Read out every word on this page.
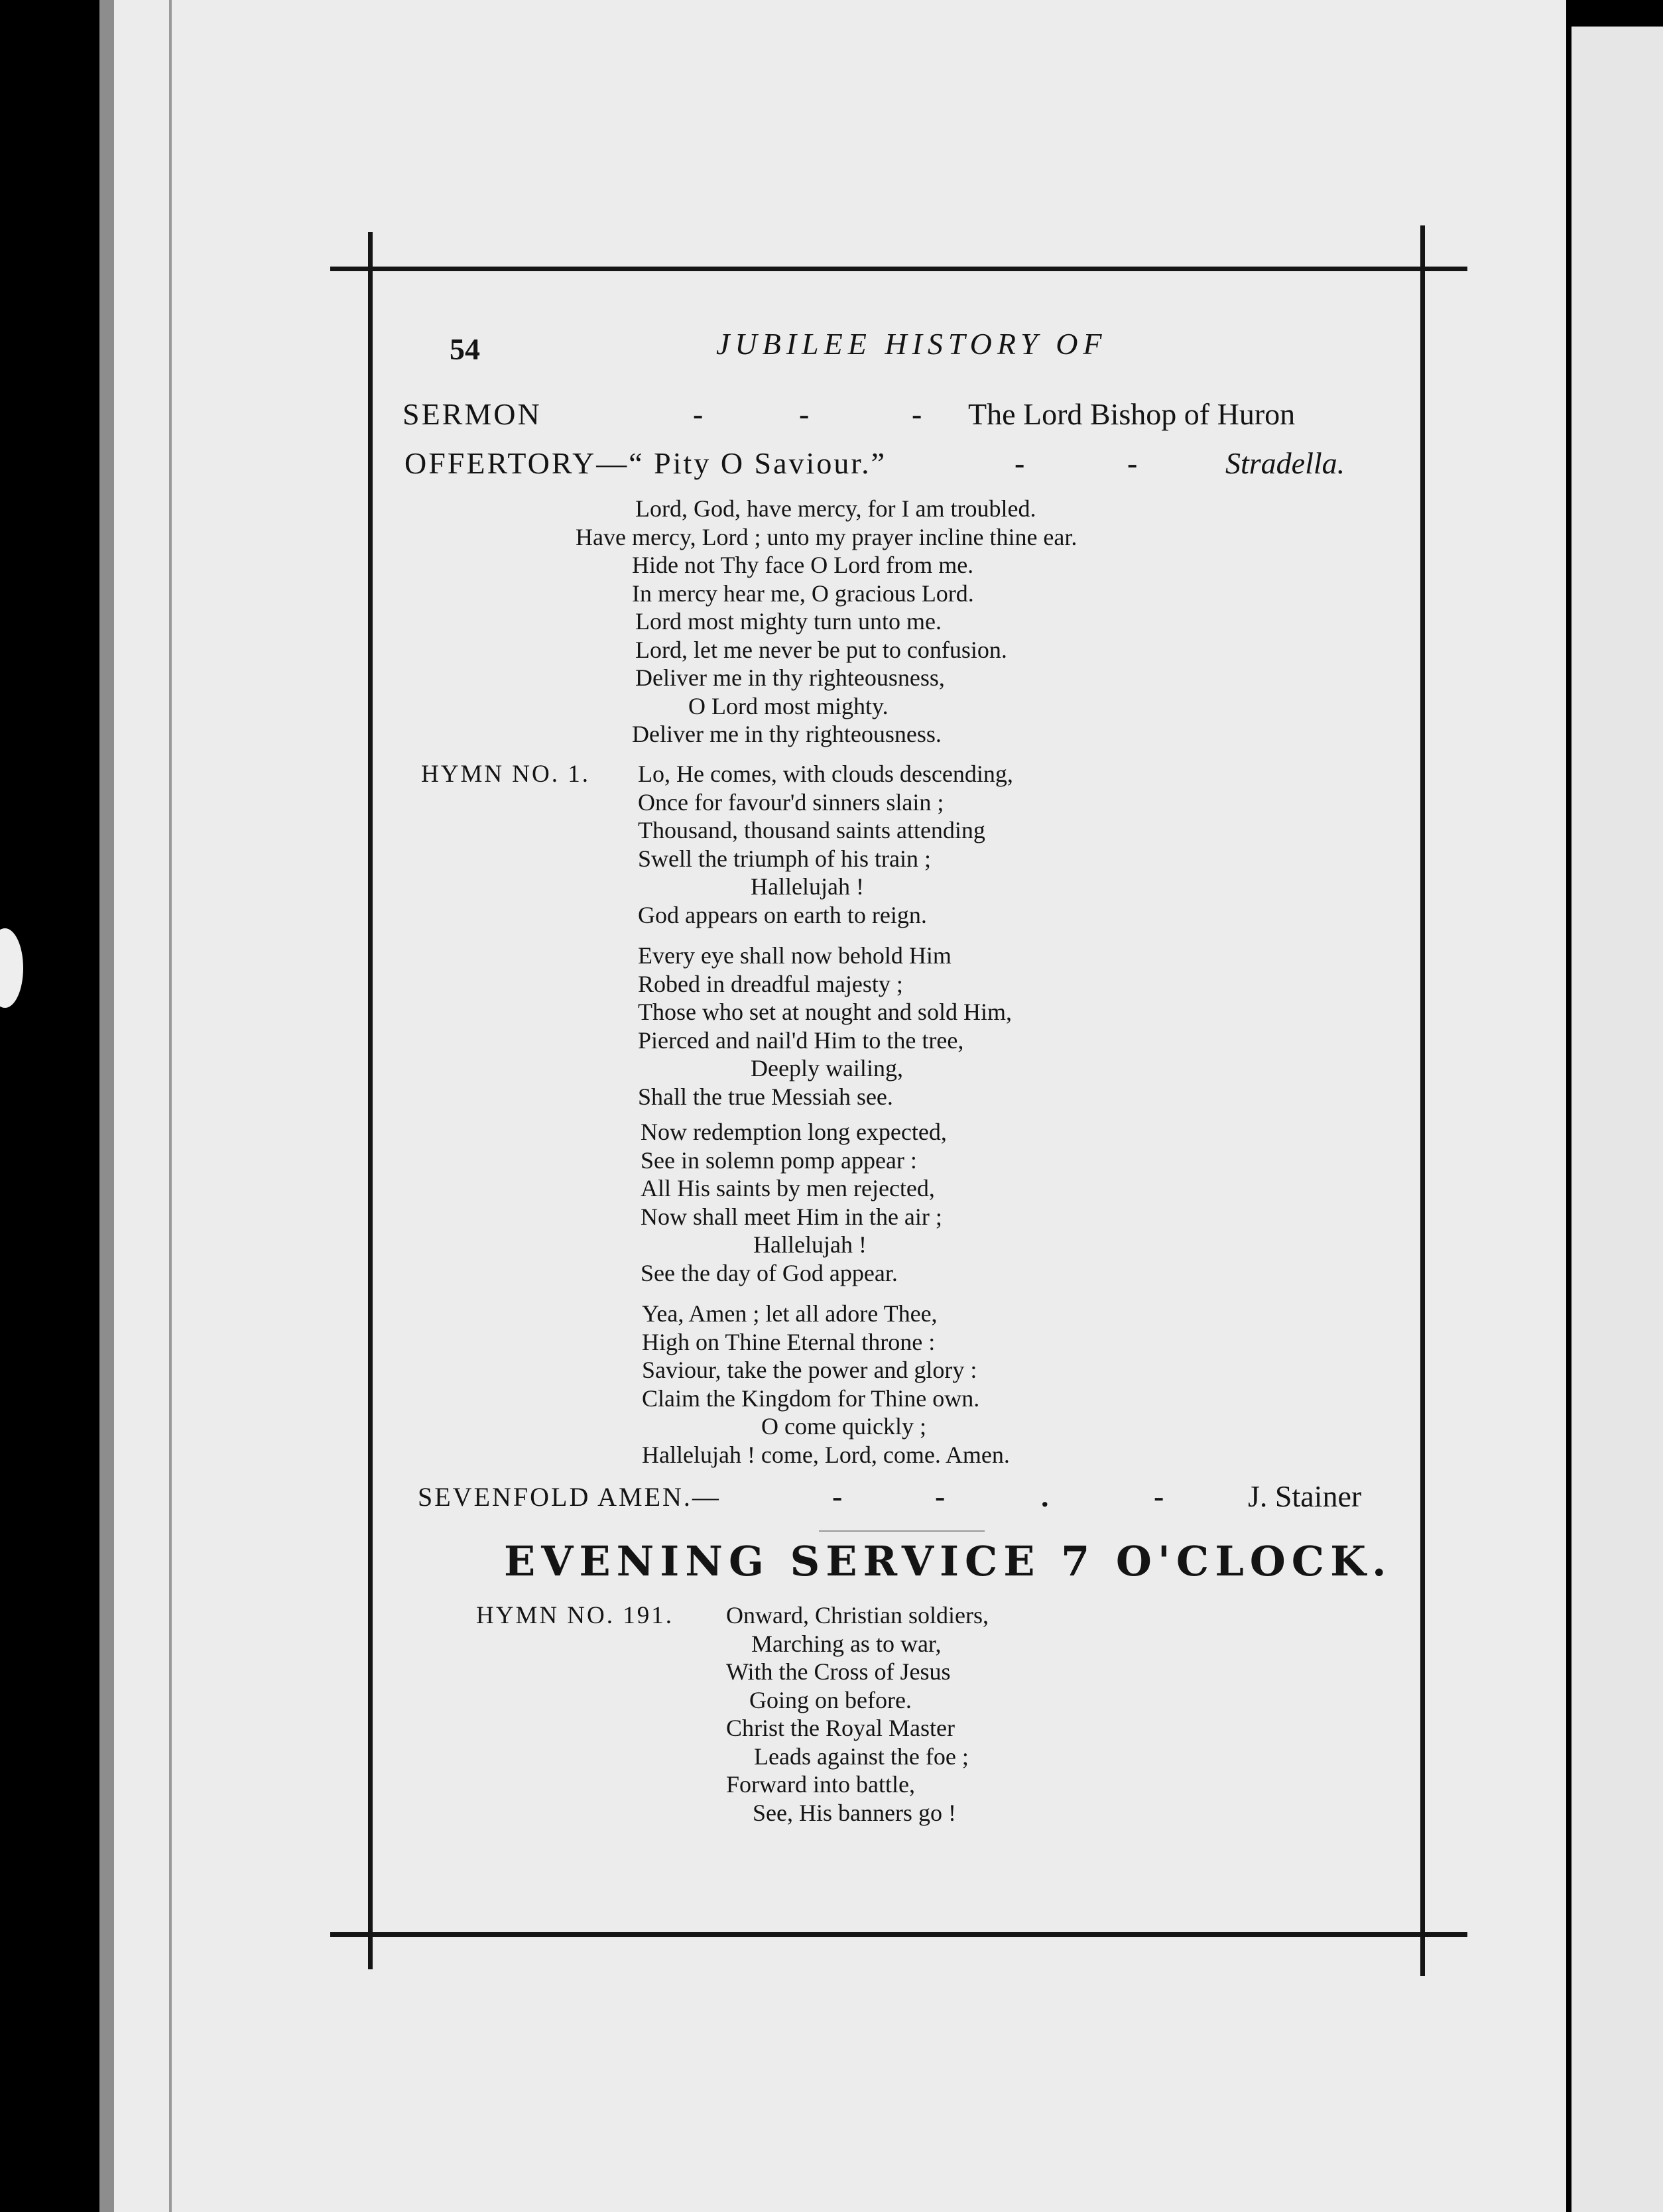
54	JUBILEE HISTORY OF
SERMON	-	-	- The Lord Bishop of Huron
OFFERTORY—“ Pity O Saviour.”	-	-	Stradella.
Lord, God, have mercy, for I am troubled.
Have mercy, Lord ; unto my prayer incline thine ear.
Hide not Thy face O Lord from me.
In mercy hear me, O gracious Lord.
Lord most mighty turn unto me.
Lord, let me never be put to confusion.
Deliver me in thy righteousness,
O Lord most mighty.
Deliver me in thy righteousness.
HYMN NO. 1. Lo, He comes, with clouds descending,
Once for favour'd sinners slain ;
Thousand, thousand saints attending
Swell the triumph of his train ;
Hallelujah !
God appears on earth to reign.
Every eye shall now behold Him
Robed in dreadful majesty ;
Those who set at nought and sold Him,
Pierced and nail'd Him to the tree,
Deeply wailing,
Shall the true Messiah see.
Now redemption long expected,
See in solemn pomp appear :
All His saints by men rejected,
Now shall meet Him in the air ;
Hallelujah !
See the day of God appear.
Yea, Amen ; let all adore Thee,
High on Thine Eternal throne :
Saviour, take the power and glory :
Claim the Kingdom for Thine own.
O come quickly ;
Hallelujah ! come, Lord, come. Amen.
SEVENFOLD AMEN.—	-	-	.	-	J. Stainer
EVENING SERVICE 7 O'CLOCK.
HYMN NO. 191. Onward, Christian soldiers,
Marching as to war,
With the Cross of Jesus
Going on before.
Christ the Royal Master
Leads against the foe ;
Forward into battle,
See, His banners go !
